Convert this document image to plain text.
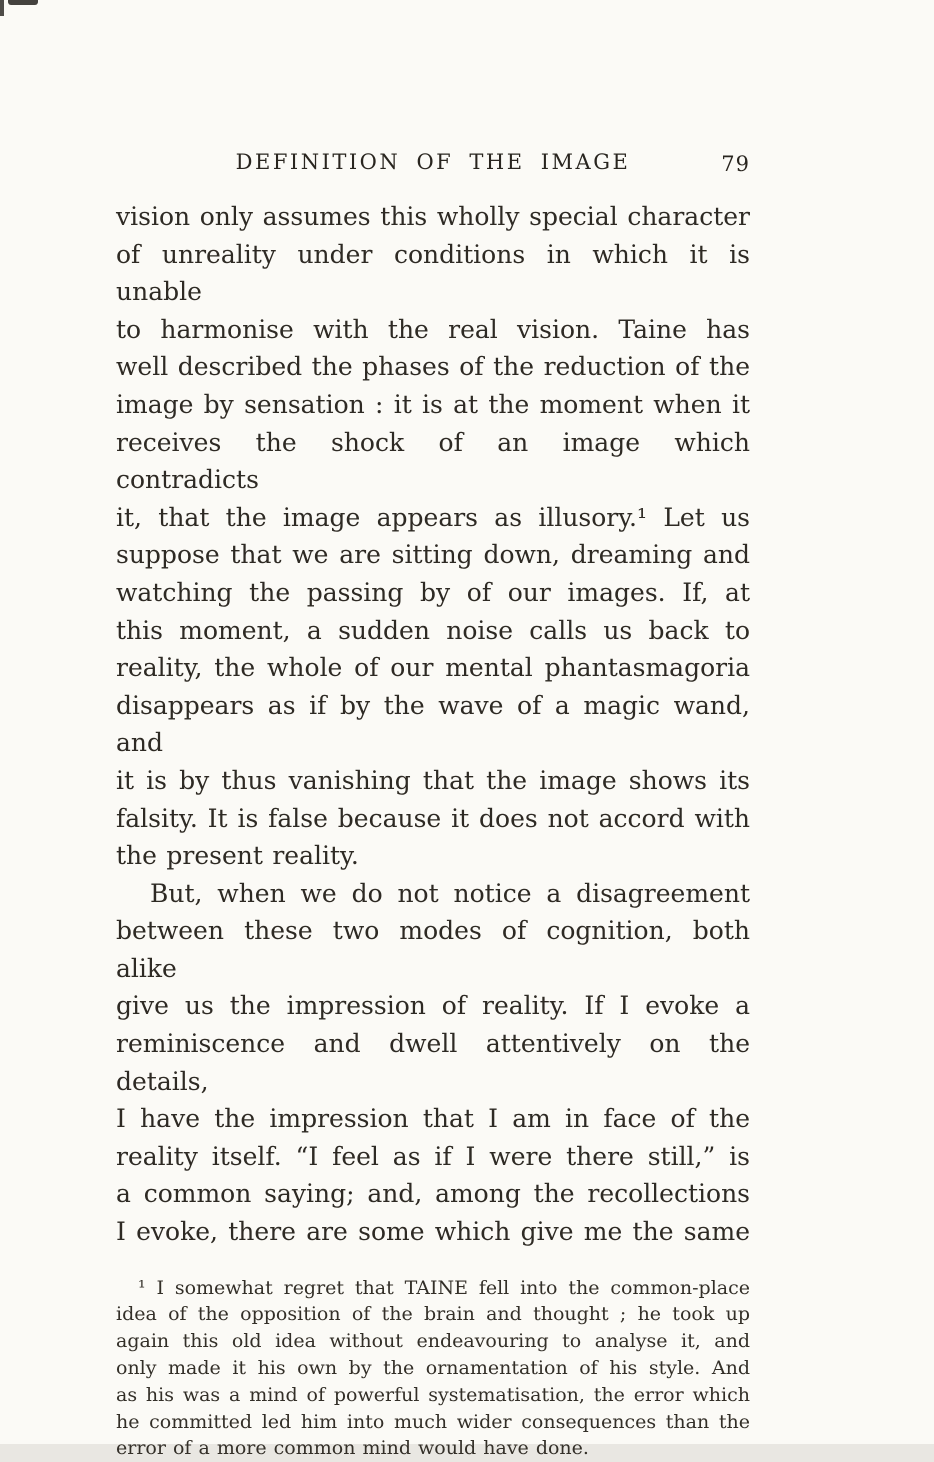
DEFINITION OF THE IMAGE	79
vision only assumes this wholly special character
of unreality under conditions in which it is unable
to harmonise with the real vision. Taine has
well described the phases of the reduction of the
image by sensation : it is at the moment when it
receives the shock of an image which contradicts
it, that the image appears as illusory.¹ Let us
suppose that we are sitting down, dreaming and
watching the passing by of our images. If, at
this moment, a sudden noise calls us back to
reality, the whole of our mental phantasmagoria
disappears as if by the wave of a magic wand, and
it is by thus vanishing that the image shows its
falsity. It is false because it does not accord with
the present reality.
But, when we do not notice a disagreement
between these two modes of cognition, both alike
give us the impression of reality. If I evoke a
reminiscence and dwell attentively on the details,
I have the impression that I am in face of the
reality itself. “I feel as if I were there still,” is
a common saying; and, among the recollections
I evoke, there are some which give me the same
¹ I somewhat regret that TAINE fell into the common-place
idea of the opposition of the brain and thought ; he took up
again this old idea without endeavouring to analyse it, and
only made it his own by the ornamentation of his style. And
as his was a mind of powerful systematisation, the error which
he committed led him into much wider consequences than the
error of a more common mind would have done.
